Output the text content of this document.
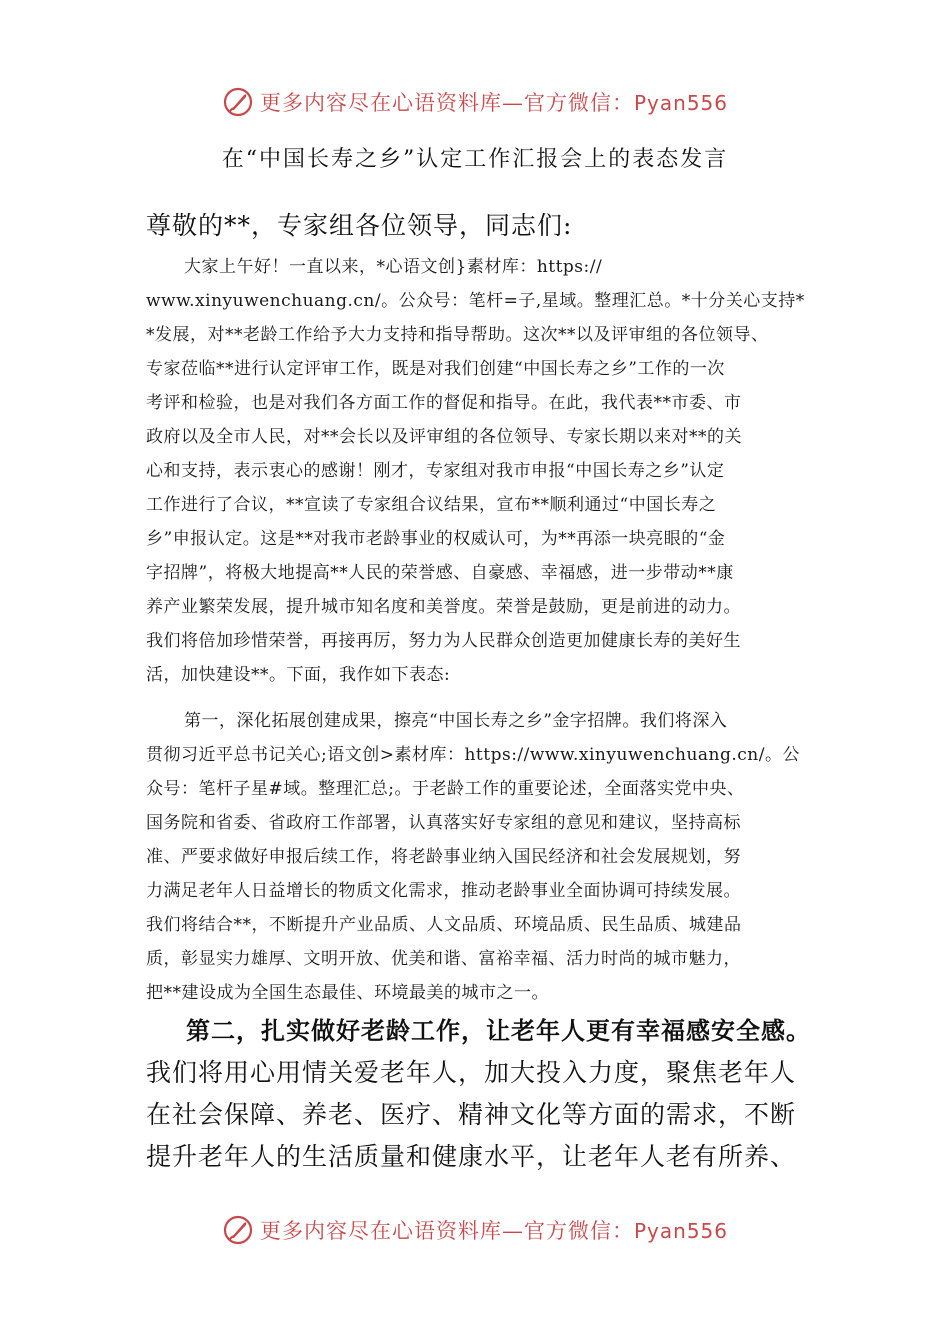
更多内容尽在心语资料库—官方微信：Pyan556
在“中国长寿之乡”认定工作汇报会上的表态发言
尊敬的**，专家组各位领导，同志们:
大家上午好！一直以来，*心语文创}素材库：https://
www.xinyuwenchuang.cn/。公众号：笔杆=子,星域。整理汇总。*十分关心支持*
*发展，对**老龄工作给予大力支持和指导帮助。这次**以及评审组的各位领导、
专家莅临**进行认定评审工作，既是对我们创建“中国长寿之乡”工作的一次
考评和检验，也是对我们各方面工作的督促和指导。在此，我代表**市委、市
政府以及全市人民，对**会长以及评审组的各位领导、专家长期以来对**的关
心和支持，表示衷心的感谢！刚才，专家组对我市申报“中国长寿之乡”认定
工作进行了合议，**宣读了专家组合议结果，宣布**顺利通过“中国长寿之
乡”申报认定。这是**对我市老龄事业的权威认可，为**再添一块亮眼的“金
字招牌”，将极大地提高**人民的荣誉感、自豪感、幸福感，进一步带动**康
养产业繁荣发展，提升城市知名度和美誉度。荣誉是鼓励，更是前进的动力。
我们将倍加珍惜荣誉，再接再厉，努力为人民群众创造更加健康长寿的美好生
活，加快建设**。下面，我作如下表态:
第一，深化拓展创建成果，擦亮“中国长寿之乡”金字招牌。我们将深入
贯彻习近平总书记关心;语文创>素材库：https://www.xinyuwenchuang.cn/。公
众号：笔杆子星#域。整理汇总;。于老龄工作的重要论述，全面落实党中央、
国务院和省委、省政府工作部署，认真落实好专家组的意见和建议，坚持高标
准、严要求做好申报后续工作，将老龄事业纳入国民经济和社会发展规划，努
力满足老年人日益增长的物质文化需求，推动老龄事业全面协调可持续发展。
我们将结合**，不断提升产业品质、人文品质、环境品质、民生品质、城建品
质，彰显实力雄厚、文明开放、优美和谐、富裕幸福、活力时尚的城市魅力，
把**建设成为全国生态最佳、环境最美的城市之一。
第二，扎实做好老龄工作，让老年人更有幸福感安全感。
我们将用心用情关爱老年人，加大投入力度，聚焦老年人
在社会保障、养老、医疗、精神文化等方面的需求，不断
提升老年人的生活质量和健康水平，让老年人老有所养、
更多内容尽在心语资料库—官方微信：Pyan556
